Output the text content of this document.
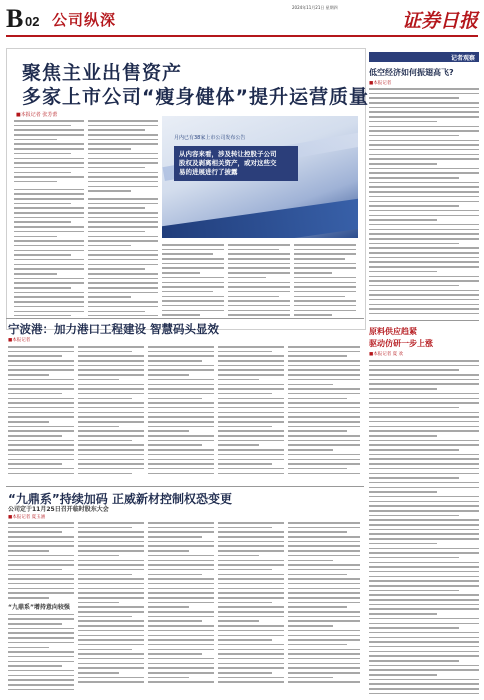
B 02 公司纵深
2024年11月21日 星期四
证券日报
聚焦主业出售资产
多家上市公司“瘦身健体”提升运营质量
■本报记者 张芳蕾
月内已有38家上市公司发布公告
从内容来看，涉及转让控股子公司
股权及剥离相关资产，或对这些交
易的进展进行了披露
记者观察
低空经济如何振翅高飞?
■本报记者
原料供应趋紧
驱动仿研一步上涨
■本报记者 夏 欢
宁波港：加力港口工程建设 智慧码头显效
■本报记者
“九鼎系”持续加码 正威新材控制权恐变更
公司定于11月25日召开临时股东大会
■本报记者 夏玉涵
“九鼎系”增持意向较强
